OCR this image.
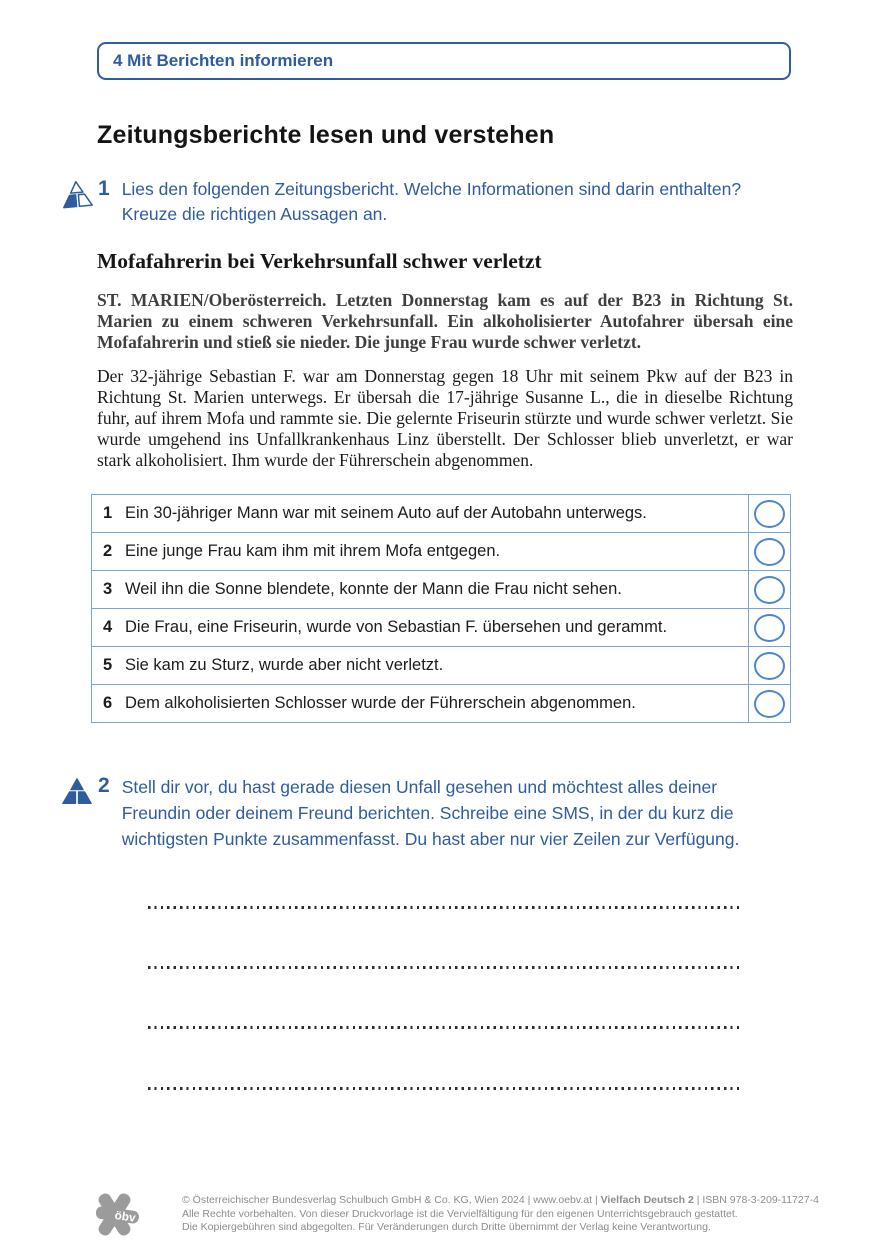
4 Mit Berichten informieren
Zeitungsberichte lesen und verstehen
1 Lies den folgenden Zeitungsbericht. Welche Informationen sind darin enthalten? Kreuze die richtigen Aussagen an.

Mofafahrerin bei Verkehrsunfall schwer verletzt

ST. MARIEN/Oberösterreich. Letzten Donnerstag kam es auf der B23 in Richtung St. Marien zu einem schweren Verkehrsunfall. Ein alkoholisierter Autofahrer übersah eine Mofafahrerin und stieß sie nieder. Die junge Frau wurde schwer verletzt.

Der 32-jährige Sebastian F. war am Donnerstag gegen 18 Uhr mit seinem Pkw auf der B23 in Richtung St. Marien unterwegs. Er übersah die 17-jährige Susanne L., die in dieselbe Richtung fuhr, auf ihrem Mofa und rammte sie. Die gelernte Friseurin stürzte und wurde schwer verletzt. Sie wurde umgehend ins Unfallkrankenhaus Linz überstellt. Der Schlosser blieb unverletzt, er war stark alkoholisiert. Ihm wurde der Führerschein abgenommen.

1 Ein 30-jähriger Mann war mit seinem Auto auf der Autobahn unterwegs.
2 Eine junge Frau kam ihm mit ihrem Mofa entgegen.
3 Weil ihn die Sonne blendete, konnte der Mann die Frau nicht sehen.
4 Die Frau, eine Friseurin, wurde von Sebastian F. übersehen und gerammt.
5 Sie kam zu Sturz, wurde aber nicht verletzt.
6 Dem alkoholisierten Schlosser wurde der Führerschein abgenommen.
2 Stell dir vor, du hast gerade diesen Unfall gesehen und möchtest alles deiner Freundin oder deinem Freund berichten. Schreibe eine SMS, in der du kurz die wichtigsten Punkte zusammenfasst. Du hast aber nur vier Zeilen zur Verfügung.
öbv
© Österreichischer Bundesverlag Schulbuch GmbH & Co. KG, Wien 2024 | www.oebv.at | Vielfach Deutsch 2 | ISBN 978-3-209-11727-4
Alle Rechte vorbehalten. Von dieser Druckvorlage ist die Vervielfältigung für den eigenen Unterrichtsgebrauch gestattet.
Die Kopiergebühren sind abgegolten. Für Veränderungen durch Dritte übernimmt der Verlag keine Verantwortung.
